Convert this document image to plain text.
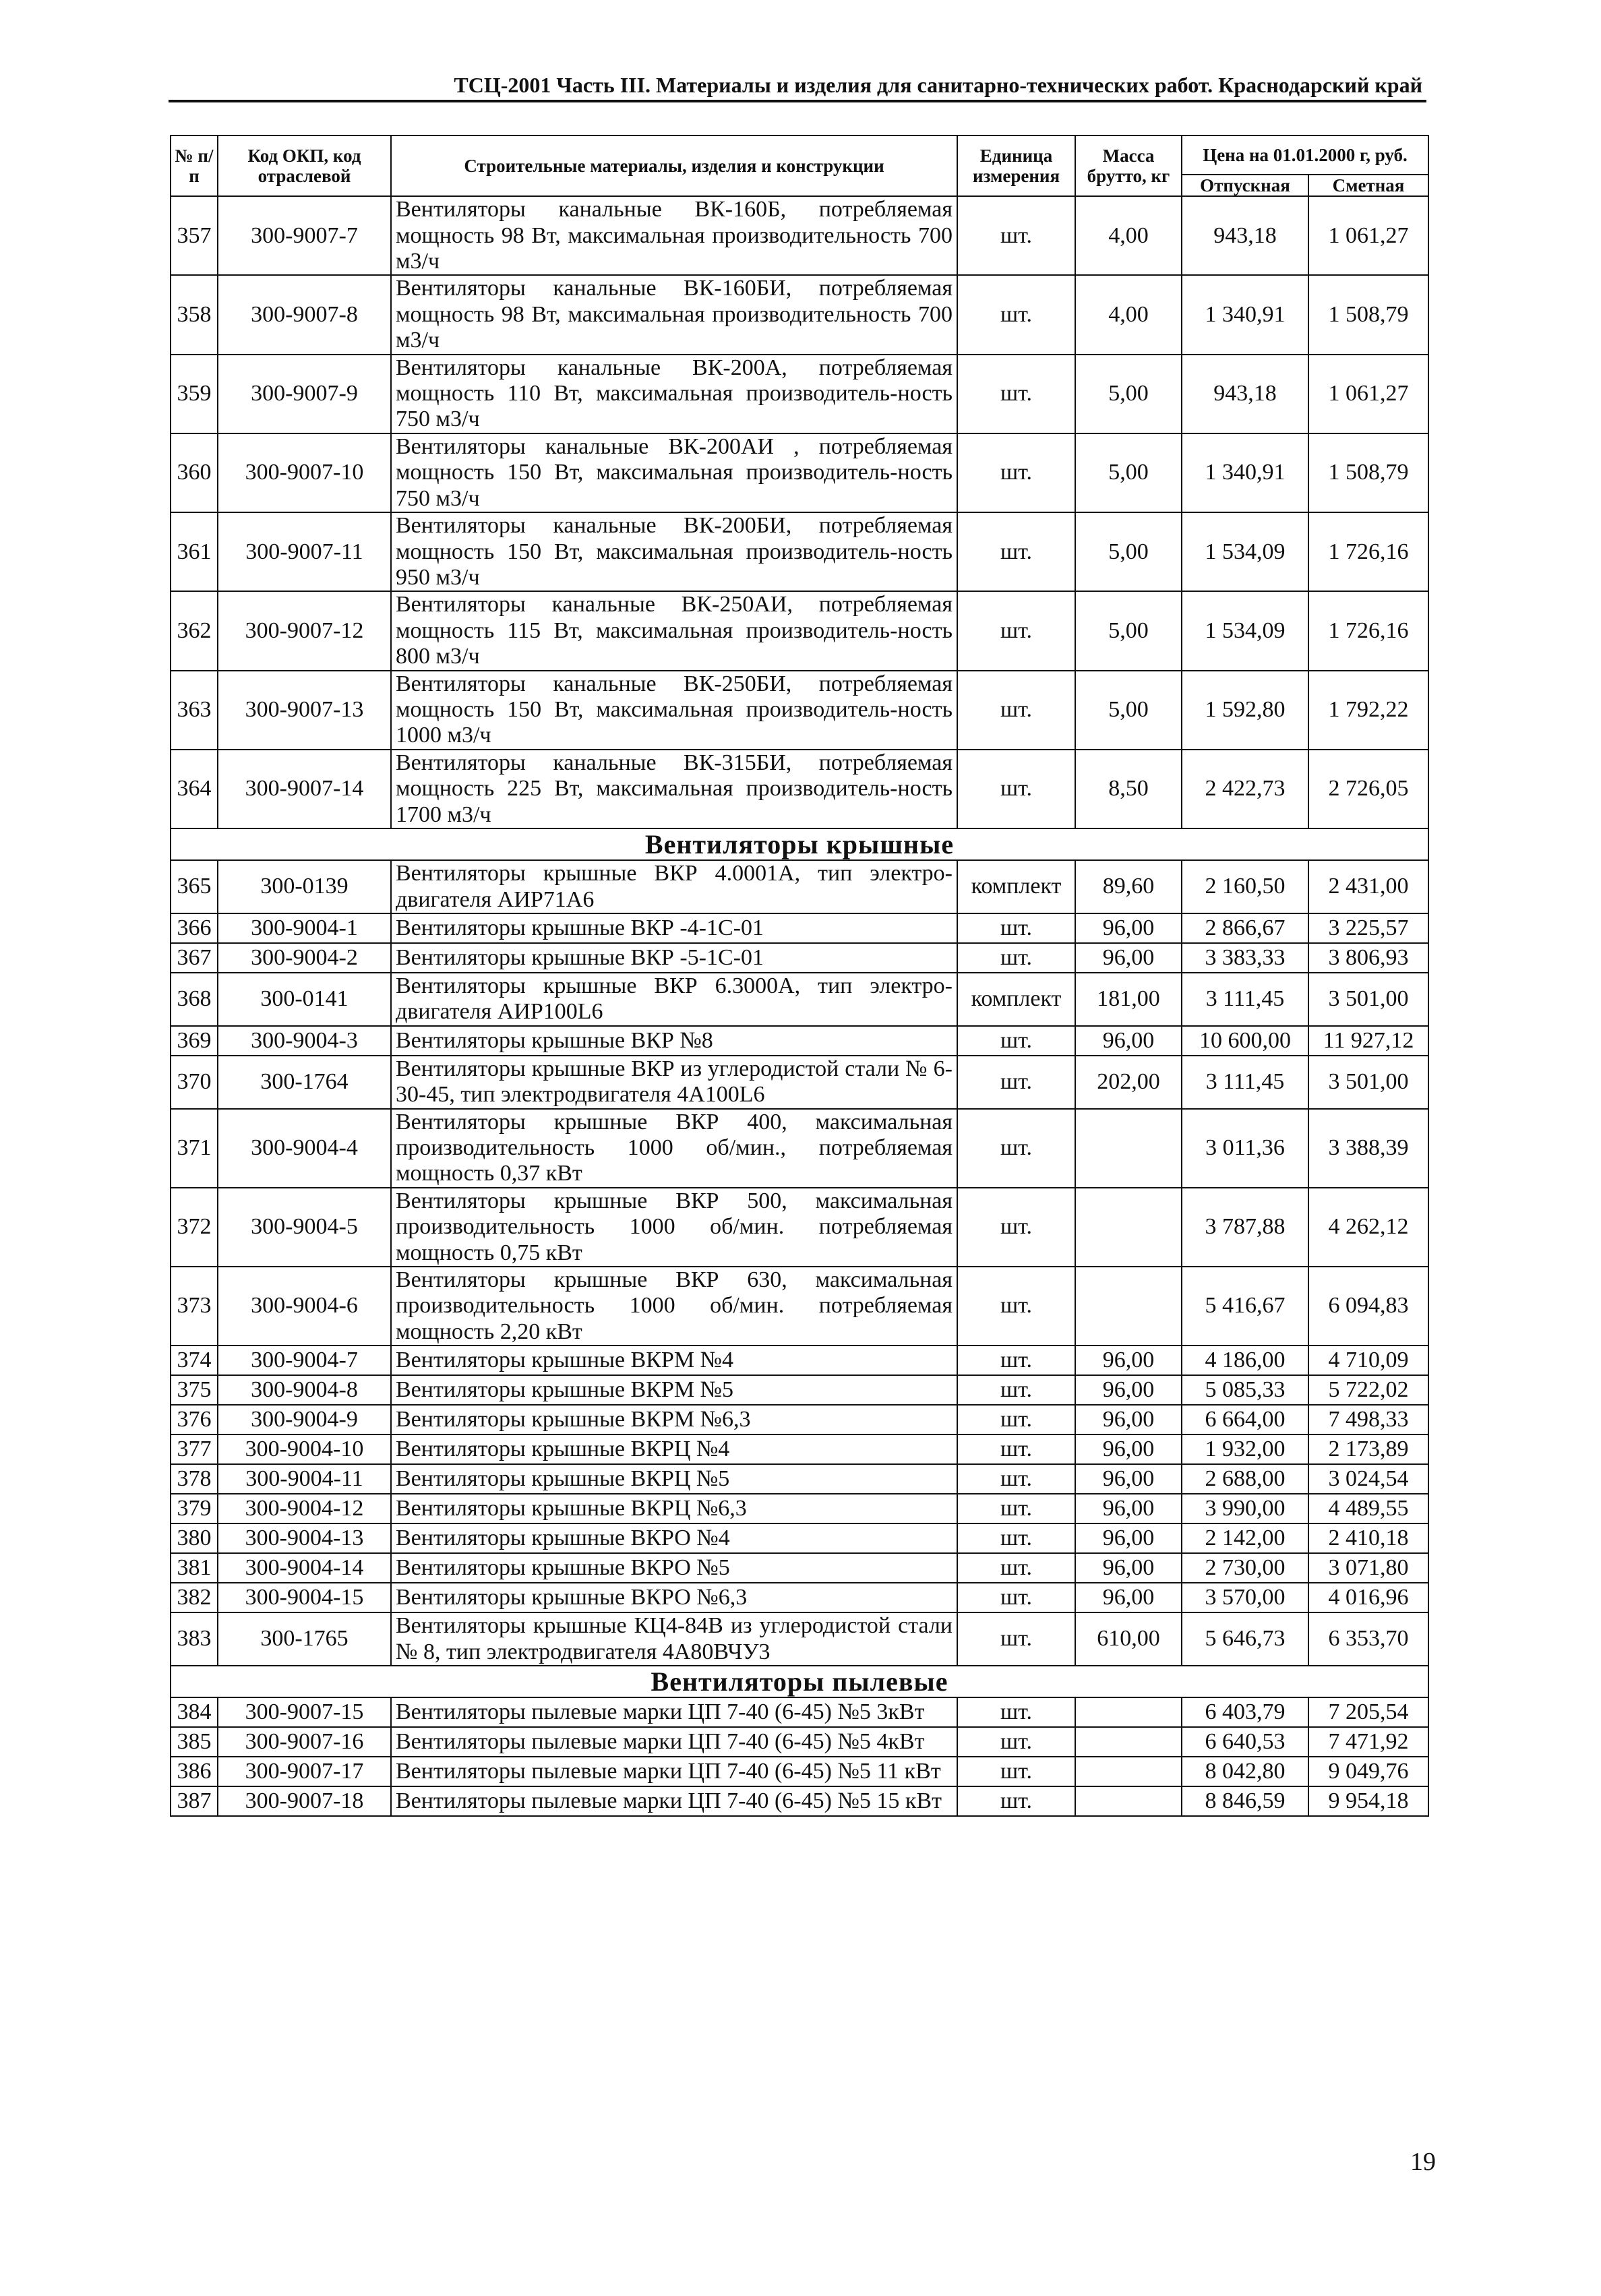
ТСЦ-2001 Часть III. Материалы и изделия для санитарно-технических работ. Краснодарский край
№ п/п	Код ОКП, код отраслевой	Строительные материалы, изделия и конструкции	Единица измерения	Масса брутто, кг	Цена на 01.01.2000 г, руб.	
					Отпускная	Сметная
357	300-9007-7	Вентиляторы канальные ВК-160Б, потребляемая мощность 98 Вт, максимальная производительность 700 м3/ч	шт.	4,00	943,18	1 061,27
358	300-9007-8	Вентиляторы канальные ВК-160БИ, потребляемая мощность 98 Вт, максимальная производительность 700 м3/ч	шт.	4,00	1 340,91	1 508,79
359	300-9007-9	Вентиляторы канальные ВК-200А, потребляемая мощность 110 Вт, максимальная производитель-ность 750 м3/ч	шт.	5,00	943,18	1 061,27
360	300-9007-10	Вентиляторы канальные ВК-200АИ , потребляемая мощность 150 Вт, максимальная производитель-ность 750 м3/ч	шт.	5,00	1 340,91	1 508,79
361	300-9007-11	Вентиляторы канальные ВК-200БИ, потребляемая мощность 150 Вт, максимальная производитель-ность 950 м3/ч	шт.	5,00	1 534,09	1 726,16
362	300-9007-12	Вентиляторы канальные ВК-250АИ, потребляемая мощность 115 Вт, максимальная производитель-ность 800 м3/ч	шт.	5,00	1 534,09	1 726,16
363	300-9007-13	Вентиляторы канальные ВК-250БИ, потребляемая мощность 150 Вт, максимальная производитель-ность 1000 м3/ч	шт.	5,00	1 592,80	1 792,22
364	300-9007-14	Вентиляторы канальные ВК-315БИ, потребляемая мощность 225 Вт, максимальная производитель-ность 1700 м3/ч	шт.	8,50	2 422,73	2 726,05
Вентиляторы крышные						
365	300-0139	Вентиляторы крышные ВКР 4.0001А, тип электро-двигателя АИР71А6	комплект	89,60	2 160,50	2 431,00
366	300-9004-1	Вентиляторы крышные ВКР -4-1С-01	шт.	96,00	2 866,67	3 225,57
367	300-9004-2	Вентиляторы крышные ВКР -5-1С-01	шт.	96,00	3 383,33	3 806,93
368	300-0141	Вентиляторы крышные ВКР 6.3000А, тип электро-двигателя АИР100L6	комплект	181,00	3 111,45	3 501,00
369	300-9004-3	Вентиляторы крышные ВКР №8	шт.	96,00	10 600,00	11 927,12
370	300-1764	Вентиляторы крышные ВКР из углеродистой стали № 6-30-45, тип электродвигателя 4А100L6	шт.	202,00	3 111,45	3 501,00
371	300-9004-4	Вентиляторы крышные ВКР 400, максимальная производительность 1000 об/мин., потребляемая мощность 0,37 кВт	шт.		3 011,36	3 388,39
372	300-9004-5	Вентиляторы крышные ВКР 500, максимальная производительность 1000 об/мин. потребляемая мощность 0,75 кВт	шт.		3 787,88	4 262,12
373	300-9004-6	Вентиляторы крышные ВКР 630, максимальная производительность 1000 об/мин. потребляемая мощность 2,20 кВт	шт.		5 416,67	6 094,83
374	300-9004-7	Вентиляторы крышные ВКРМ №4	шт.	96,00	4 186,00	4 710,09
375	300-9004-8	Вентиляторы крышные ВКРМ №5	шт.	96,00	5 085,33	5 722,02
376	300-9004-9	Вентиляторы крышные ВКРМ №6,3	шт.	96,00	6 664,00	7 498,33
377	300-9004-10	Вентиляторы крышные ВКРЦ №4	шт.	96,00	1 932,00	2 173,89
378	300-9004-11	Вентиляторы крышные ВКРЦ №5	шт.	96,00	2 688,00	3 024,54
379	300-9004-12	Вентиляторы крышные ВКРЦ №6,3	шт.	96,00	3 990,00	4 489,55
380	300-9004-13	Вентиляторы крышные ВКРО №4	шт.	96,00	2 142,00	2 410,18
381	300-9004-14	Вентиляторы крышные ВКРО №5	шт.	96,00	2 730,00	3 071,80
382	300-9004-15	Вентиляторы крышные ВКРО №6,3	шт.	96,00	3 570,00	4 016,96
383	300-1765	Вентиляторы крышные КЦ4-84В из углеродистой стали № 8, тип электродвигателя 4А80ВЧУ3	шт.	610,00	5 646,73	6 353,70
Вентиляторы пылевые						
384	300-9007-15	Вентиляторы пылевые марки ЦП 7-40 (6-45) №5 3кВт	шт.		6 403,79	7 205,54
385	300-9007-16	Вентиляторы пылевые марки ЦП 7-40 (6-45) №5 4кВт	шт.		6 640,53	7 471,92
386	300-9007-17	Вентиляторы пылевые марки ЦП 7-40 (6-45) №5 11 кВт	шт.		8 042,80	9 049,76
387	300-9007-18	Вентиляторы пылевые марки ЦП 7-40 (6-45) №5 15 кВт	шт.		8 846,59	9 954,18
19
